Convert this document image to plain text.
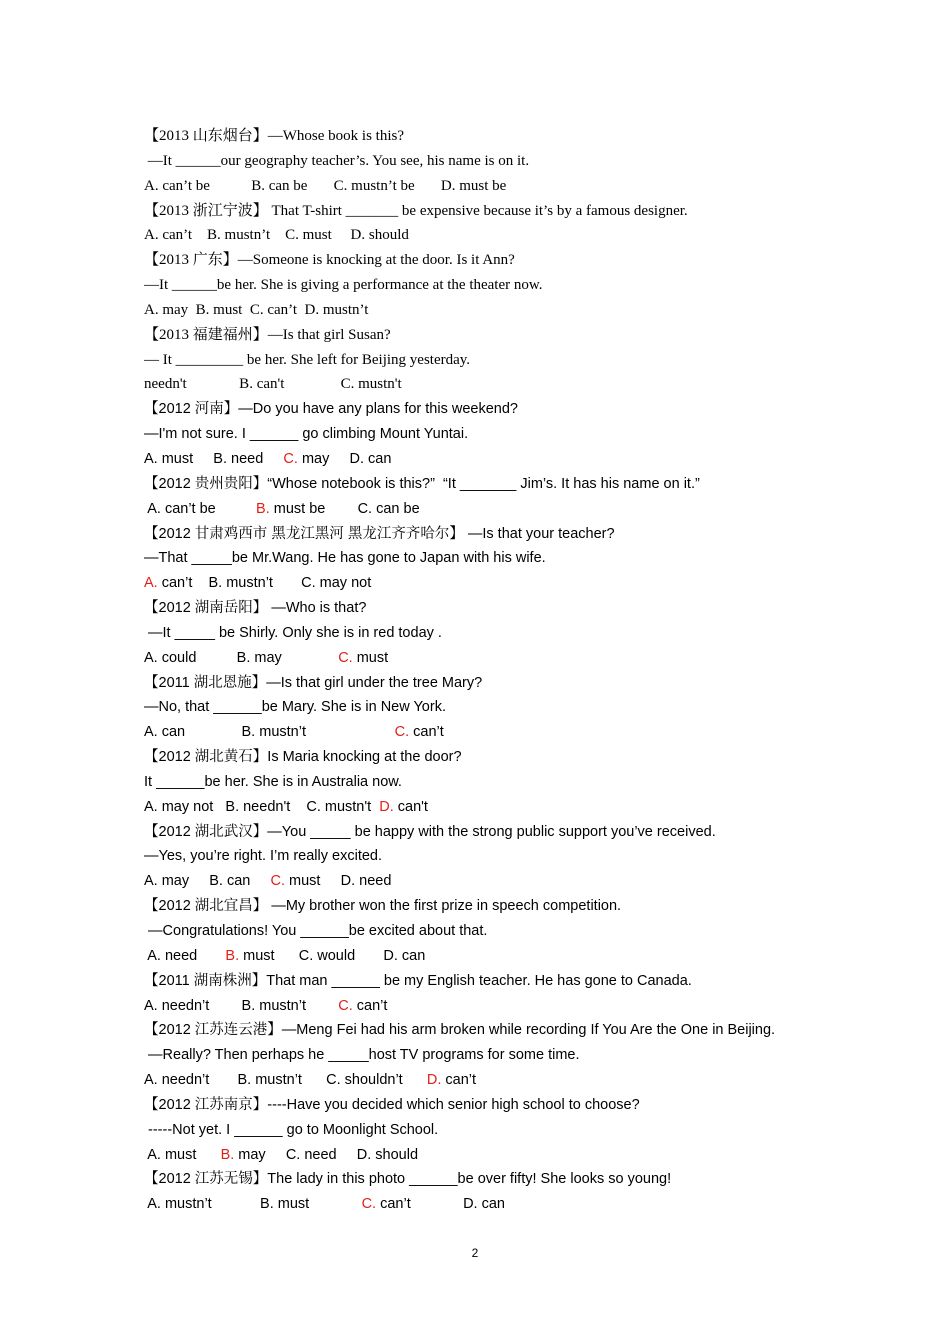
【2013 山东烟台】—Whose book is this?
—It ______our geography teacher’s. You see, his name is on it.
A. can’t be           B. can be       C. mustn’t be       D. must be
【2013 浙江宁波】 That T-shirt _______ be expensive because it’s by a famous designer.
A. can’t    B. mustn’t    C. must     D. should
【2013 广东】—Someone is knocking at the door. Is it Ann?
—It ______be her. She is giving a performance at the theater now.
A. may  B. must  C. can’t  D. mustn’t
【2013 福建福州】—Is that girl Susan?
— It _________ be her. She left for Beijing yesterday.
needn't              B. can't               C. mustn't
【2012 河南】—Do you have any plans for this weekend?
—I'm not sure. I ______ go climbing Mount Yuntai.
A. must     B. need     C. may     D. can
【2012 贵州贵阳】“Whose notebook is this?”  “It _______ Jim’s. It has his name on it.”
A. can’t be          B. must be        C. can be
【2012 甘肃鸡西市 黑龙江黑河 黑龙江齐齐哈尔】 —Is that your teacher?
—That _____be Mr.Wang. He has gone to Japan with his wife.
A. can’t    B. mustn’t       C. may not
【2012 湖南岳阳】 —Who is that?
—It _____ be Shirly. Only she is in red today .
A. could          B. may              C. must
【2011 湖北恩施】—Is that girl under the tree Mary?
—No, that ______be Mary. She is in New York.
A. can              B. mustn’t                      C. can’t
【2012 湖北黄石】Is Maria knocking at the door?
It ______be her. She is in Australia now.
A. may not   B. needn't    C. mustn't  D. can't
【2012 湖北武汉】—You _____ be happy with the strong public support you’ve received.
—Yes, you’re right. I’m really excited.
A. may     B. can     C. must     D. need
【2012 湖北宜昌】 —My brother won the first prize in speech competition.
—Congratulations! You ______be excited about that.
A. need       B. must      C. would       D. can
【2011 湖南株洲】That man ______ be my English teacher. He has gone to Canada.
A. needn’t        B. mustn’t        C. can’t
【2012 江苏连云港】—Meng Fei had his arm broken while recording If You Are the One in Beijing.
—Really? Then perhaps he _____host TV programs for some time.
A. needn’t       B. mustn’t      C. shouldn’t      D. can’t
【2012 江苏南京】----Have you decided which senior high school to choose?
-----Not yet. I ______ go to Moonlight School.
A. must      B. may     C. need     D. should
【2012 江苏无锡】The lady in this photo ______be over fifty! She looks so young!
A. mustn’t            B. must             C. can’t             D. can
2
